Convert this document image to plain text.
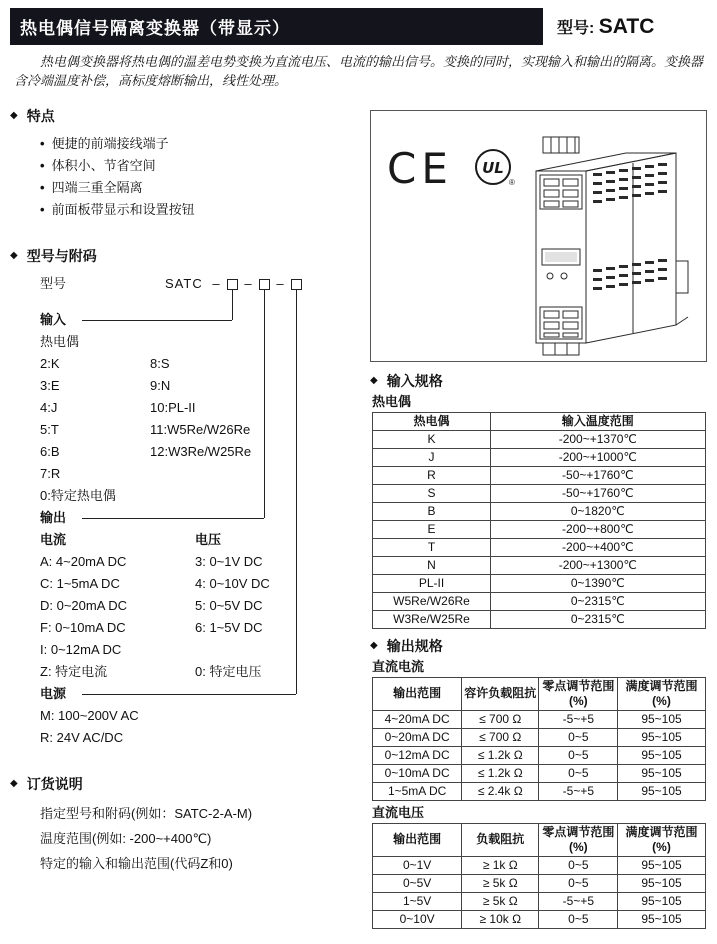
热电偶信号隔离变换器（带显示）	型号: SATC
热电偶变换器将热电偶的温差电势变换为直流电压、电流的输出信号。变换的同时，实现输入和输出的隔离。变换器含冷端温度补偿，高标度熔断输出，线性处理。
◆ 特点
• 便捷的前端接线端子
• 体积小、节省空间
• 四端三重全隔离
• 前面板带显示和设置按钮
◆ 型号与附码
型号	SATC – – –
输入
热电偶
2:K	8:S
3:E	9:N
4:J	10:PL-II
5:T	11:W5Re/W26Re
6:B	12:W3Re/W25Re
7:R
0:特定热电偶
输出
电流	电压
A: 4~20mA DC	3: 0~1V DC
C: 1~5mA DC	4: 0~10V DC
D: 0~20mA DC	5: 0~5V DC
F: 0~10mA DC	6: 1~5V DC
I: 0~12mA DC
Z: 特定电流	0: 特定电压
电源
M: 100~200V AC
R: 24V AC/DC
◆ 订货说明
指定型号和附码(例如：SATC-2-A-M)
温度范围(例如: -200~+400℃)
特定的输入和输出范围(代码Z和0)
CE UL
®
◆ 输入规格
热电偶
热电偶	输入温度范围
K	-200~+1370℃
J	-200~+1000℃
R	-50~+1760℃
S	-50~+1760℃
B	0~1820℃
E	-200~+800℃
T	-200~+400℃
N	-200~+1300℃
PL-II	0~1390℃
W5Re/W26Re	0~2315℃
W3Re/W25Re	0~2315℃
◆ 输出规格
直流电流
输出范围	容许负载阻抗	零点调节范围(%)	满度调节范围(%)
4~20mA DC	≤ 700 Ω	-5~+5	95~105
0~20mA DC	≤ 700 Ω	0~5	95~105
0~12mA DC	≤ 1.2k Ω	0~5	95~105
0~10mA DC	≤ 1.2k Ω	0~5	95~105
1~5mA DC	≤ 2.4k Ω	-5~+5	95~105
直流电压
输出范围	负载阻抗	零点调节范围(%)	满度调节范围(%)
0~1V	≥ 1k Ω	0~5	95~105
0~5V	≥ 5k Ω	0~5	95~105
1~5V	≥ 5k Ω	-5~+5	95~105
0~10V	≥ 10k Ω	0~5	95~105
